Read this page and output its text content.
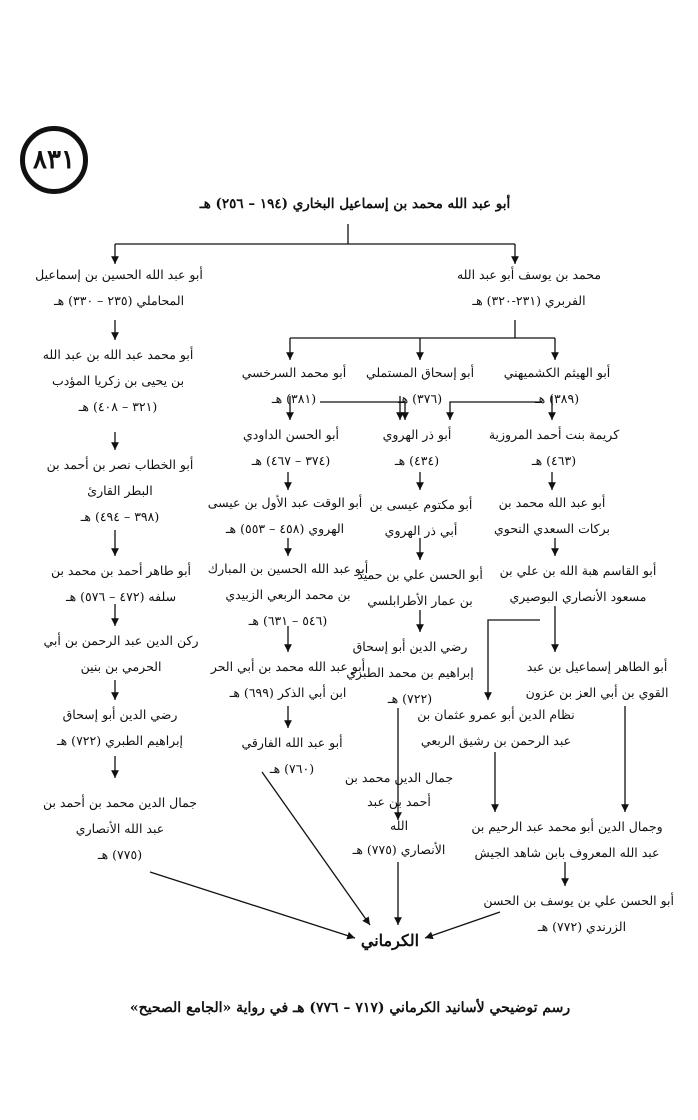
٨٣١
أبو عبد الله محمد بن إسماعيل البخاري (١٩٤ – ٢٥٦) هـ
محمد بن يوسف أبو عبد الله
الفربري (٢٣١-٣٢٠) هـ
أبو عبد الله الحسين بن إسماعيل
المحاملي (٢٣٥ – ٣٣٠) هـ
أبو الهيثم الكشميهني
(٣٨٩) هـ
أبو إسحاق المستملي
(٣٧٦) هـ
أبو محمد السرخسي
(٣٨١) هـ
أبو محمد عبد الله بن عبد الله
بن يحيى بن زكريا المؤدب
(٣٢١ – ٤٠٨) هـ
كريمة بنت أحمد المروزية
(٤٦٣) هـ
أبو ذر الهروي
(٤٣٤) هـ
أبو الحسن الداودي
(٣٧٤ – ٤٦٧) هـ
أبو الخطاب نصر بن أحمد بن
البطر القارئ
(٣٩٨ – ٤٩٤) هـ
أبو عبد الله محمد بن
بركات السعدي النحوي
أبو مكتوم عيسى بن
أبي ذر الهروي
أبو الوقت عبد الأول بن عيسى
الهروي (٤٥٨ – ٥٥٣) هـ
أبو طاهر أحمد بن محمد بن
سلفه (٤٧٢ – ٥٧٦) هـ
أبو القاسم هبة الله بن علي بن
مسعود الأنصاري البوصيري
أبو الحسن علي بن حميد
بن عمار الأطرابلسي
أبو عبد الله الحسين بن المبارك
بن محمد الربعي الزبيدي
(٥٤٦ – ٦٣١) هـ
ركن الدين عبد الرحمن بن أبي
الحرمي بن بنين	أبو الطاهر إسماعيل بن عبد
القوي بن أبي العز بن عزون
رضي الدين أبو إسحاق
إبراهيم بن محمد الطبري
(٧٢٢) هـ
أبو عبد الله محمد بن أبي الحر
ابن أبي الذكر (٦٩٩) هـ
نظام الدين أبو عمرو عثمان بن
عبد الرحمن بن رشيق الربعي
رضي الدين أبو إسحاق
إبراهيم الطبري (٧٢٢) هـ	أبو عبد الله الفارقي
(٧٦٠) هـ
جمال الدين محمد بن
أحمد بن عبد
الله
الأنصاري (٧٧٥) هـ
وجمال الدين أبو محمد عبد الرحيم بن
عبد الله المعروف بابن شاهد الجيش
جمال الدين محمد بن أحمد بن
عبد الله الأنصاري
(٧٧٥) هـ
أبو الحسن علي بن يوسف بن الحسن
الزرندي (٧٧٢) هـ
الكرماني
رسم توضيحي لأسانيد الكرماني (٧١٧ – ٧٧٦) هـ في رواية «الجامع الصحيح»
